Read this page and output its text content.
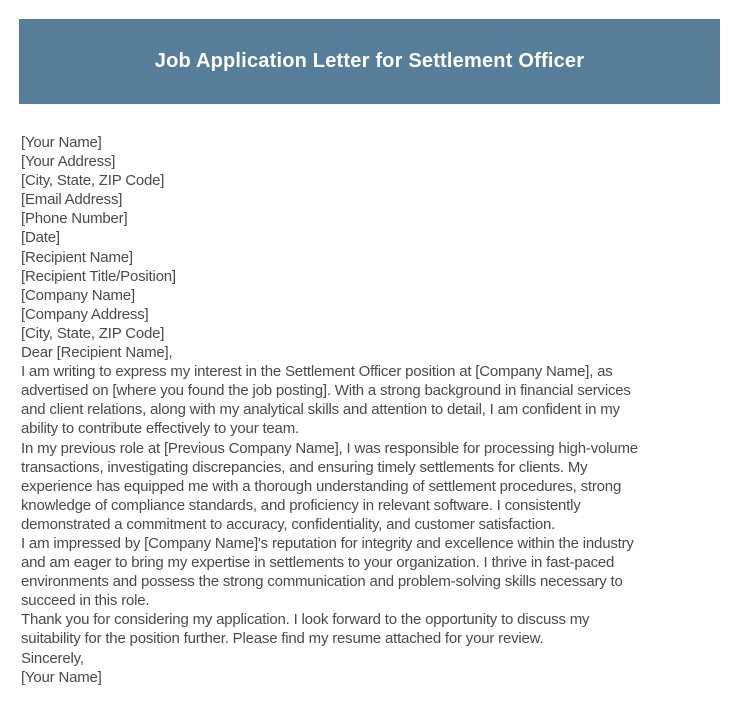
Job Application Letter for Settlement Officer
[Your Name]
[Your Address]
[City, State, ZIP Code]
[Email Address]
[Phone Number]
[Date]
[Recipient Name]
[Recipient Title/Position]
[Company Name]
[Company Address]
[City, State, ZIP Code]
Dear [Recipient Name],
I am writing to express my interest in the Settlement Officer position at [Company Name], as
advertised on [where you found the job posting]. With a strong background in financial services
and client relations, along with my analytical skills and attention to detail, I am confident in my
ability to contribute effectively to your team.
In my previous role at [Previous Company Name], I was responsible for processing high-volume
transactions, investigating discrepancies, and ensuring timely settlements for clients. My
experience has equipped me with a thorough understanding of settlement procedures, strong
knowledge of compliance standards, and proficiency in relevant software. I consistently
demonstrated a commitment to accuracy, confidentiality, and customer satisfaction.
I am impressed by [Company Name]'s reputation for integrity and excellence within the industry
and am eager to bring my expertise in settlements to your organization. I thrive in fast-paced
environments and possess the strong communication and problem-solving skills necessary to
succeed in this role.
Thank you for considering my application. I look forward to the opportunity to discuss my
suitability for the position further. Please find my resume attached for your review.
Sincerely,
[Your Name]
